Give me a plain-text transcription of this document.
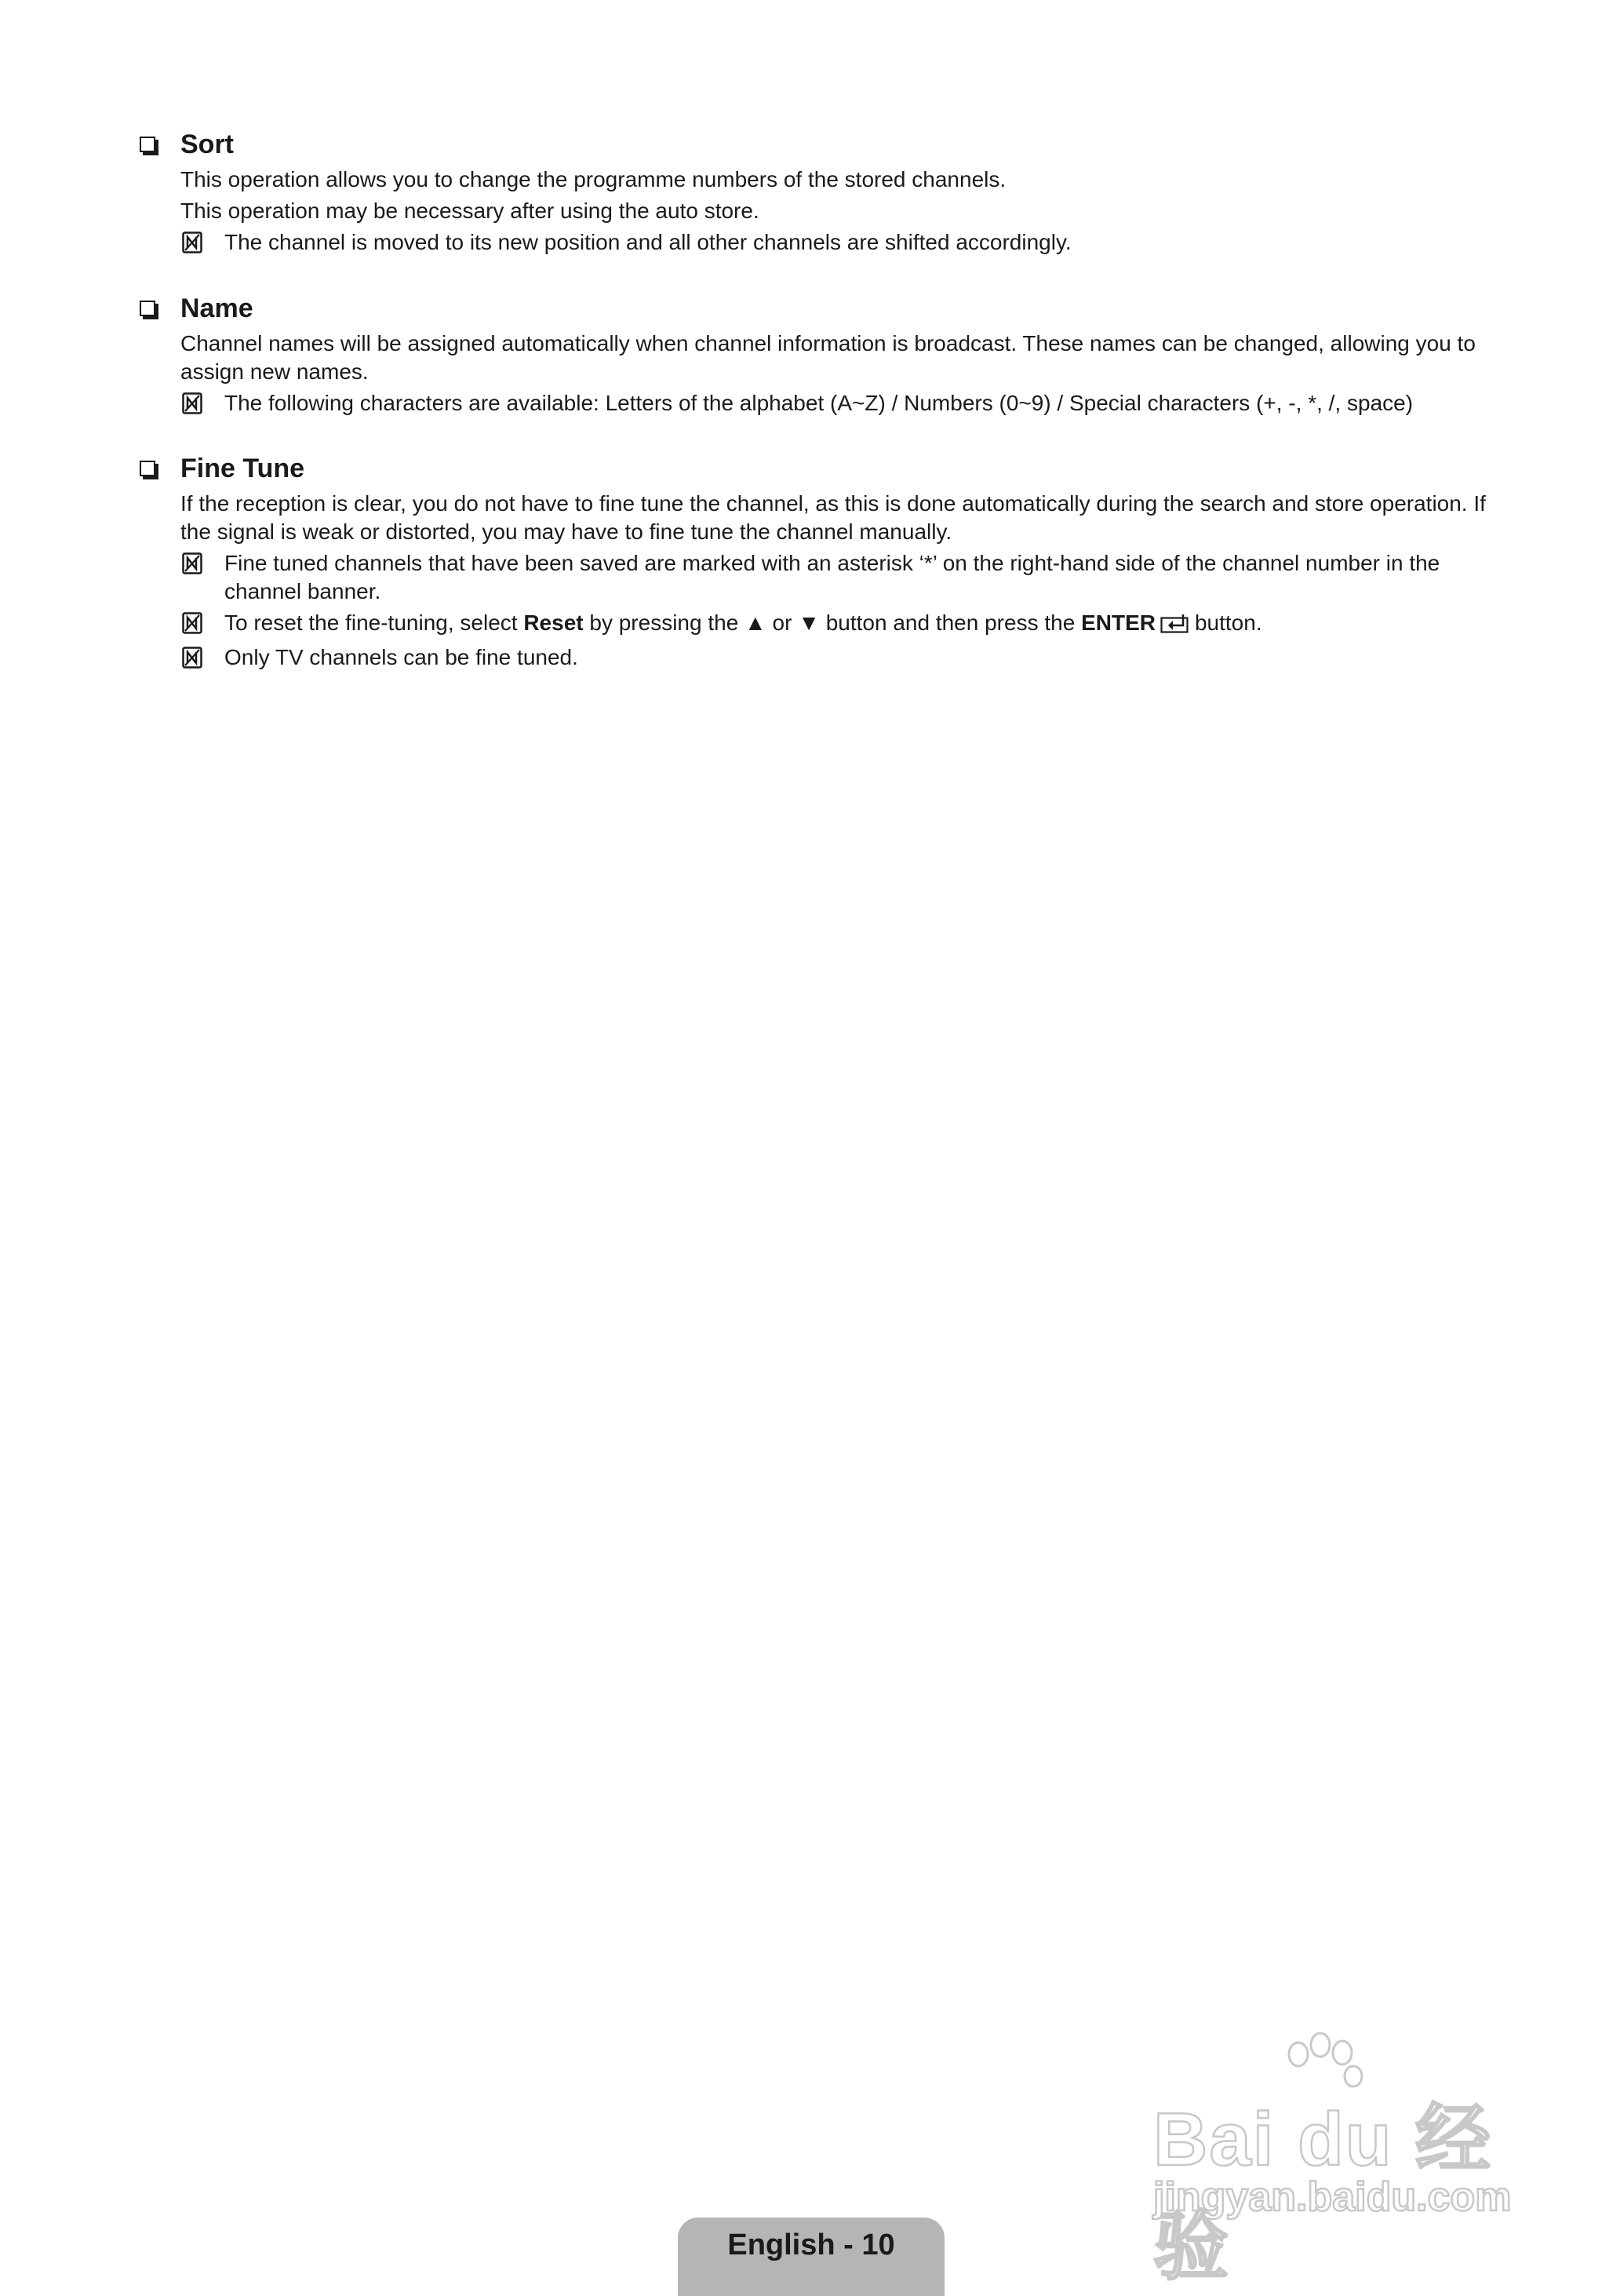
Sort
This operation allows you to change the programme numbers of the stored channels.
This operation may be necessary after using the auto store.
The channel is moved to its new position and all other channels are shifted accordingly.
Name
Channel names will be assigned automatically when channel information is broadcast. These names can be changed, allowing you to assign new names.
The following characters are available: Letters of the alphabet (A~Z) / Numbers (0~9) / Special characters (+, -, *, /, space)
Fine Tune
If the reception is clear, you do not have to fine tune the channel, as this is done automatically during the search and store operation. If the signal is weak or distorted, you may have to fine tune the channel manually.
Fine tuned channels that have been saved are marked with an asterisk ‘*’ on the right-hand side of the channel number in the channel banner.
To reset the fine-tuning, select Reset by pressing the ▲ or ▼ button and then press the ENTER button.
Only TV channels can be fine tuned.
Bai du 经验
jingyan.baidu.com
English - 10
